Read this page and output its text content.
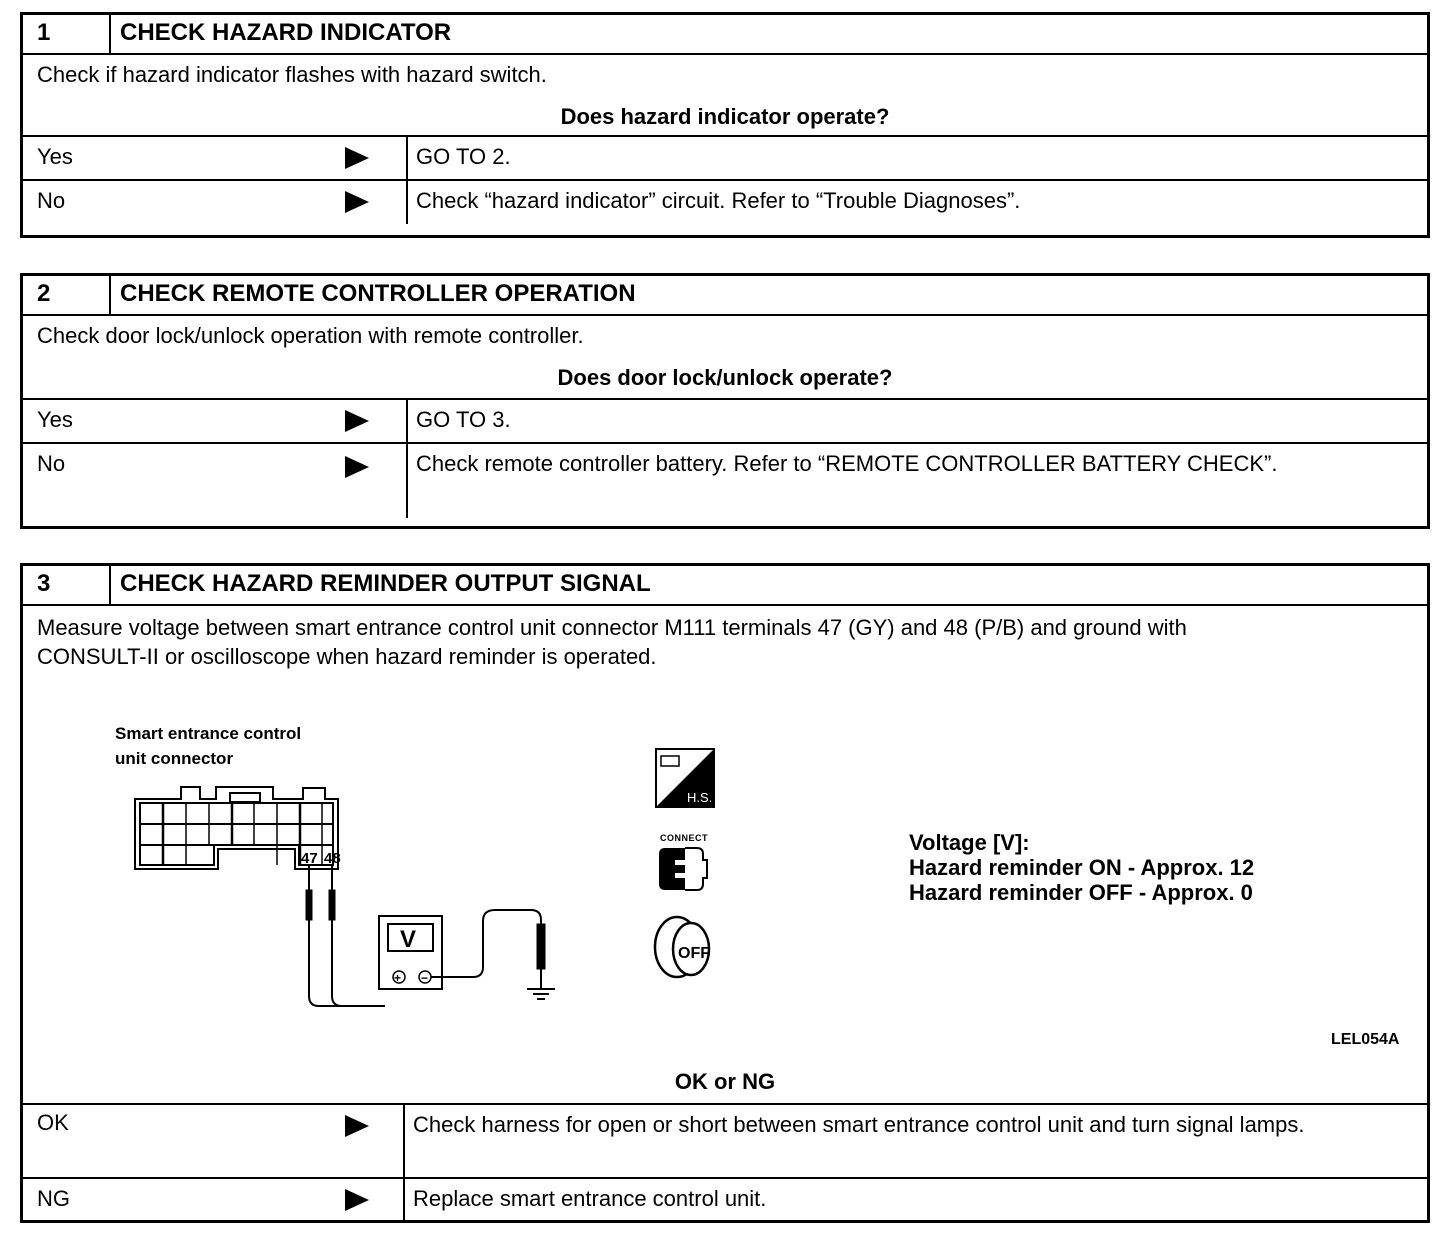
1	CHECK HAZARD INDICATOR
Check if hazard indicator flashes with hazard switch.
Does hazard indicator operate?
Yes	GO TO 2.
No	Check “hazard indicator” circuit. Refer to “Trouble Diagnoses”.
2	CHECK REMOTE CONTROLLER OPERATION
Check door lock/unlock operation with remote controller.
Does door lock/unlock operate?
Yes	GO TO 3.
No	Check remote controller battery. Refer to “REMOTE CONTROLLER BATTERY CHECK”.
3	CHECK HAZARD REMINDER OUTPUT SIGNAL
Measure voltage between smart entrance control unit connector M111 terminals 47 (GY) and 48 (P/B) and ground with
CONSULT-II or oscilloscope when hazard reminder is operated.
Smart entrance control
unit connector
47 48
V
+ −
H.S.
CONNECT
OFF
Voltage [V]:
Hazard reminder ON - Approx. 12
Hazard reminder OFF - Approx. 0
LEL054A
OK or NG
OK	Check harness for open or short between smart entrance control unit and turn signal lamps.
NG	Replace smart entrance control unit.
